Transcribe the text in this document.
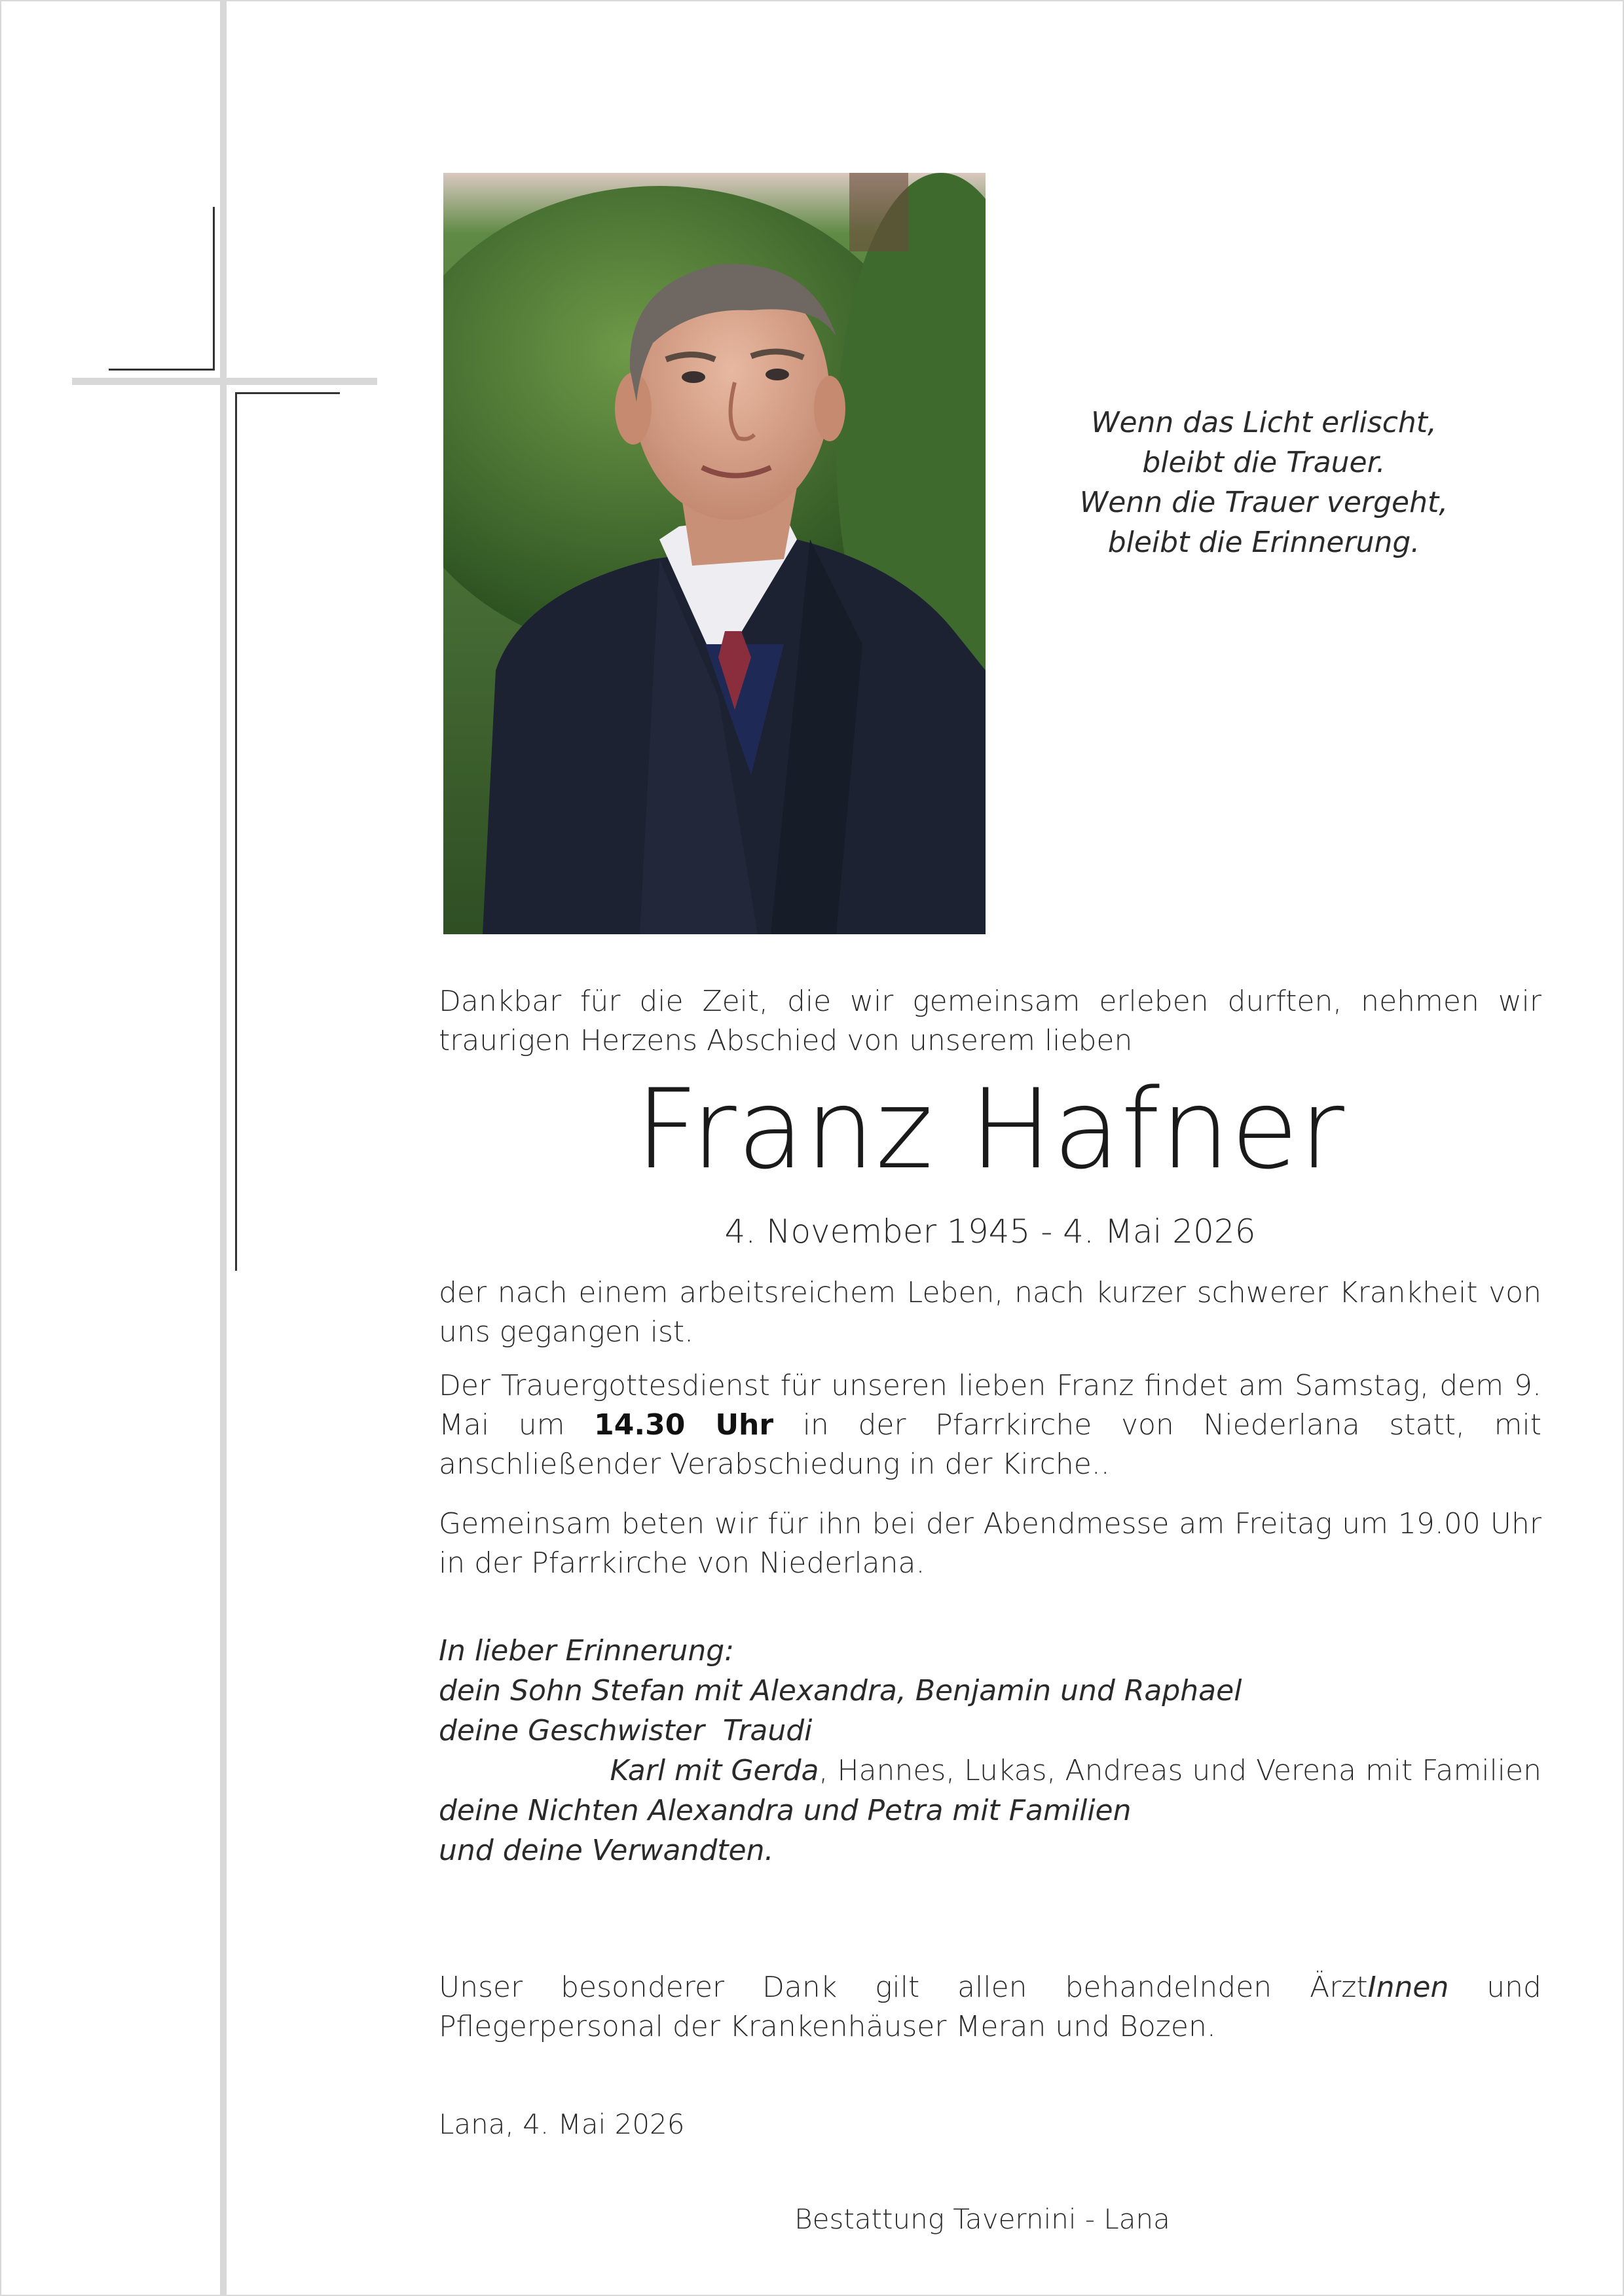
Wenn das Licht erlischt,
bleibt die Trauer.
Wenn die Trauer vergeht,
bleibt die Erinnerung.
Dankbar für die Zeit, die wir gemeinsam erleben durften, nehmen wir traurigen Herzens Abschied von unserem lieben
Franz Hafner
4. November 1945 - 4. Mai 2026
der nach einem arbeitsreichem Leben, nach kurzer schwerer Krankheit von uns gegangen ist.
Der Trauergottesdienst für unseren lieben Franz findet am Samstag, dem 9. Mai um 14.30 Uhr in der Pfarrkirche von Niederlana statt, mit anschließender Verabschiedung in der Kirche..
Gemeinsam beten wir für ihn bei der Abendmesse am Freitag um 19.00 Uhr in der Pfarrkirche von Niederlana.
In lieber Erinnerung:
dein Sohn Stefan mit Alexandra, Benjamin und Raphael
deine Geschwister  Traudi
Karl mit Gerda, Hannes, Lukas, Andreas und Verena mit Familien
deine Nichten Alexandra und Petra mit Familien
und deine Verwandten.
Unser besonderer Dank gilt allen behandelnden ÄrztInnen und Pflegerpersonal der Krankenhäuser Meran und Bozen.
Lana, 4. Mai 2026
Bestattung Tavernini - Lana
